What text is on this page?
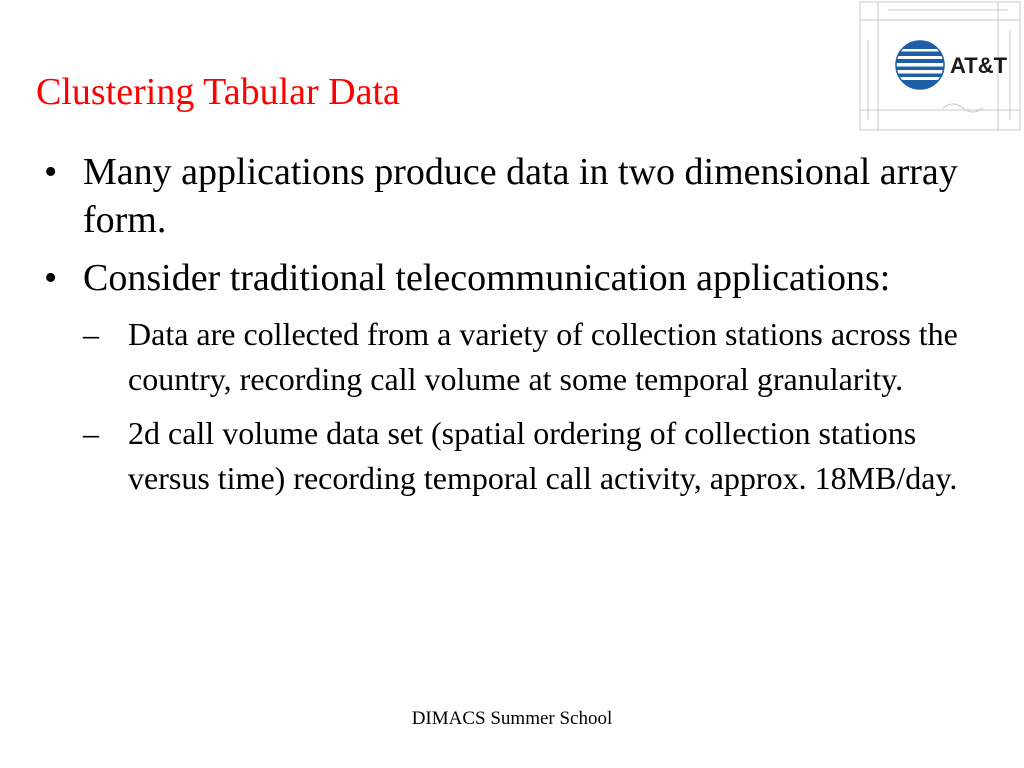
Clustering Tabular Data
AT&T
• Many applications produce data in two dimensional array form.
• Consider traditional telecommunication applications:
– Data are collected from a variety of collection stations across the country, recording call volume at some temporal granularity.
– 2d call volume data set (spatial ordering of collection stations versus time) recording temporal call activity, approx. 18MB/day.
DIMACS Summer School
